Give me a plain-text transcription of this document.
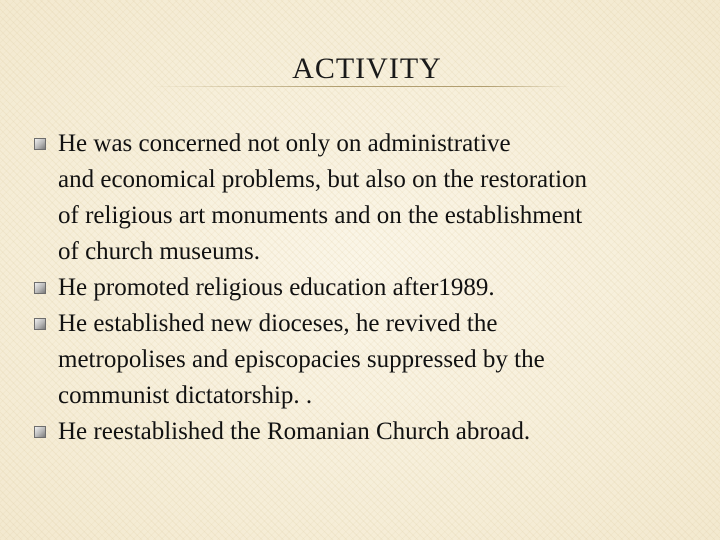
ACTIVITY
He was concerned not only on administrative
and economical problems, but also on the restoration
of religious art monuments and on the establishment
of church museums.
He promoted religious education after1989.
He established new dioceses, he revived the
metropolises and episcopacies suppressed by the
communist dictatorship. .
He reestablished the Romanian Church abroad.
